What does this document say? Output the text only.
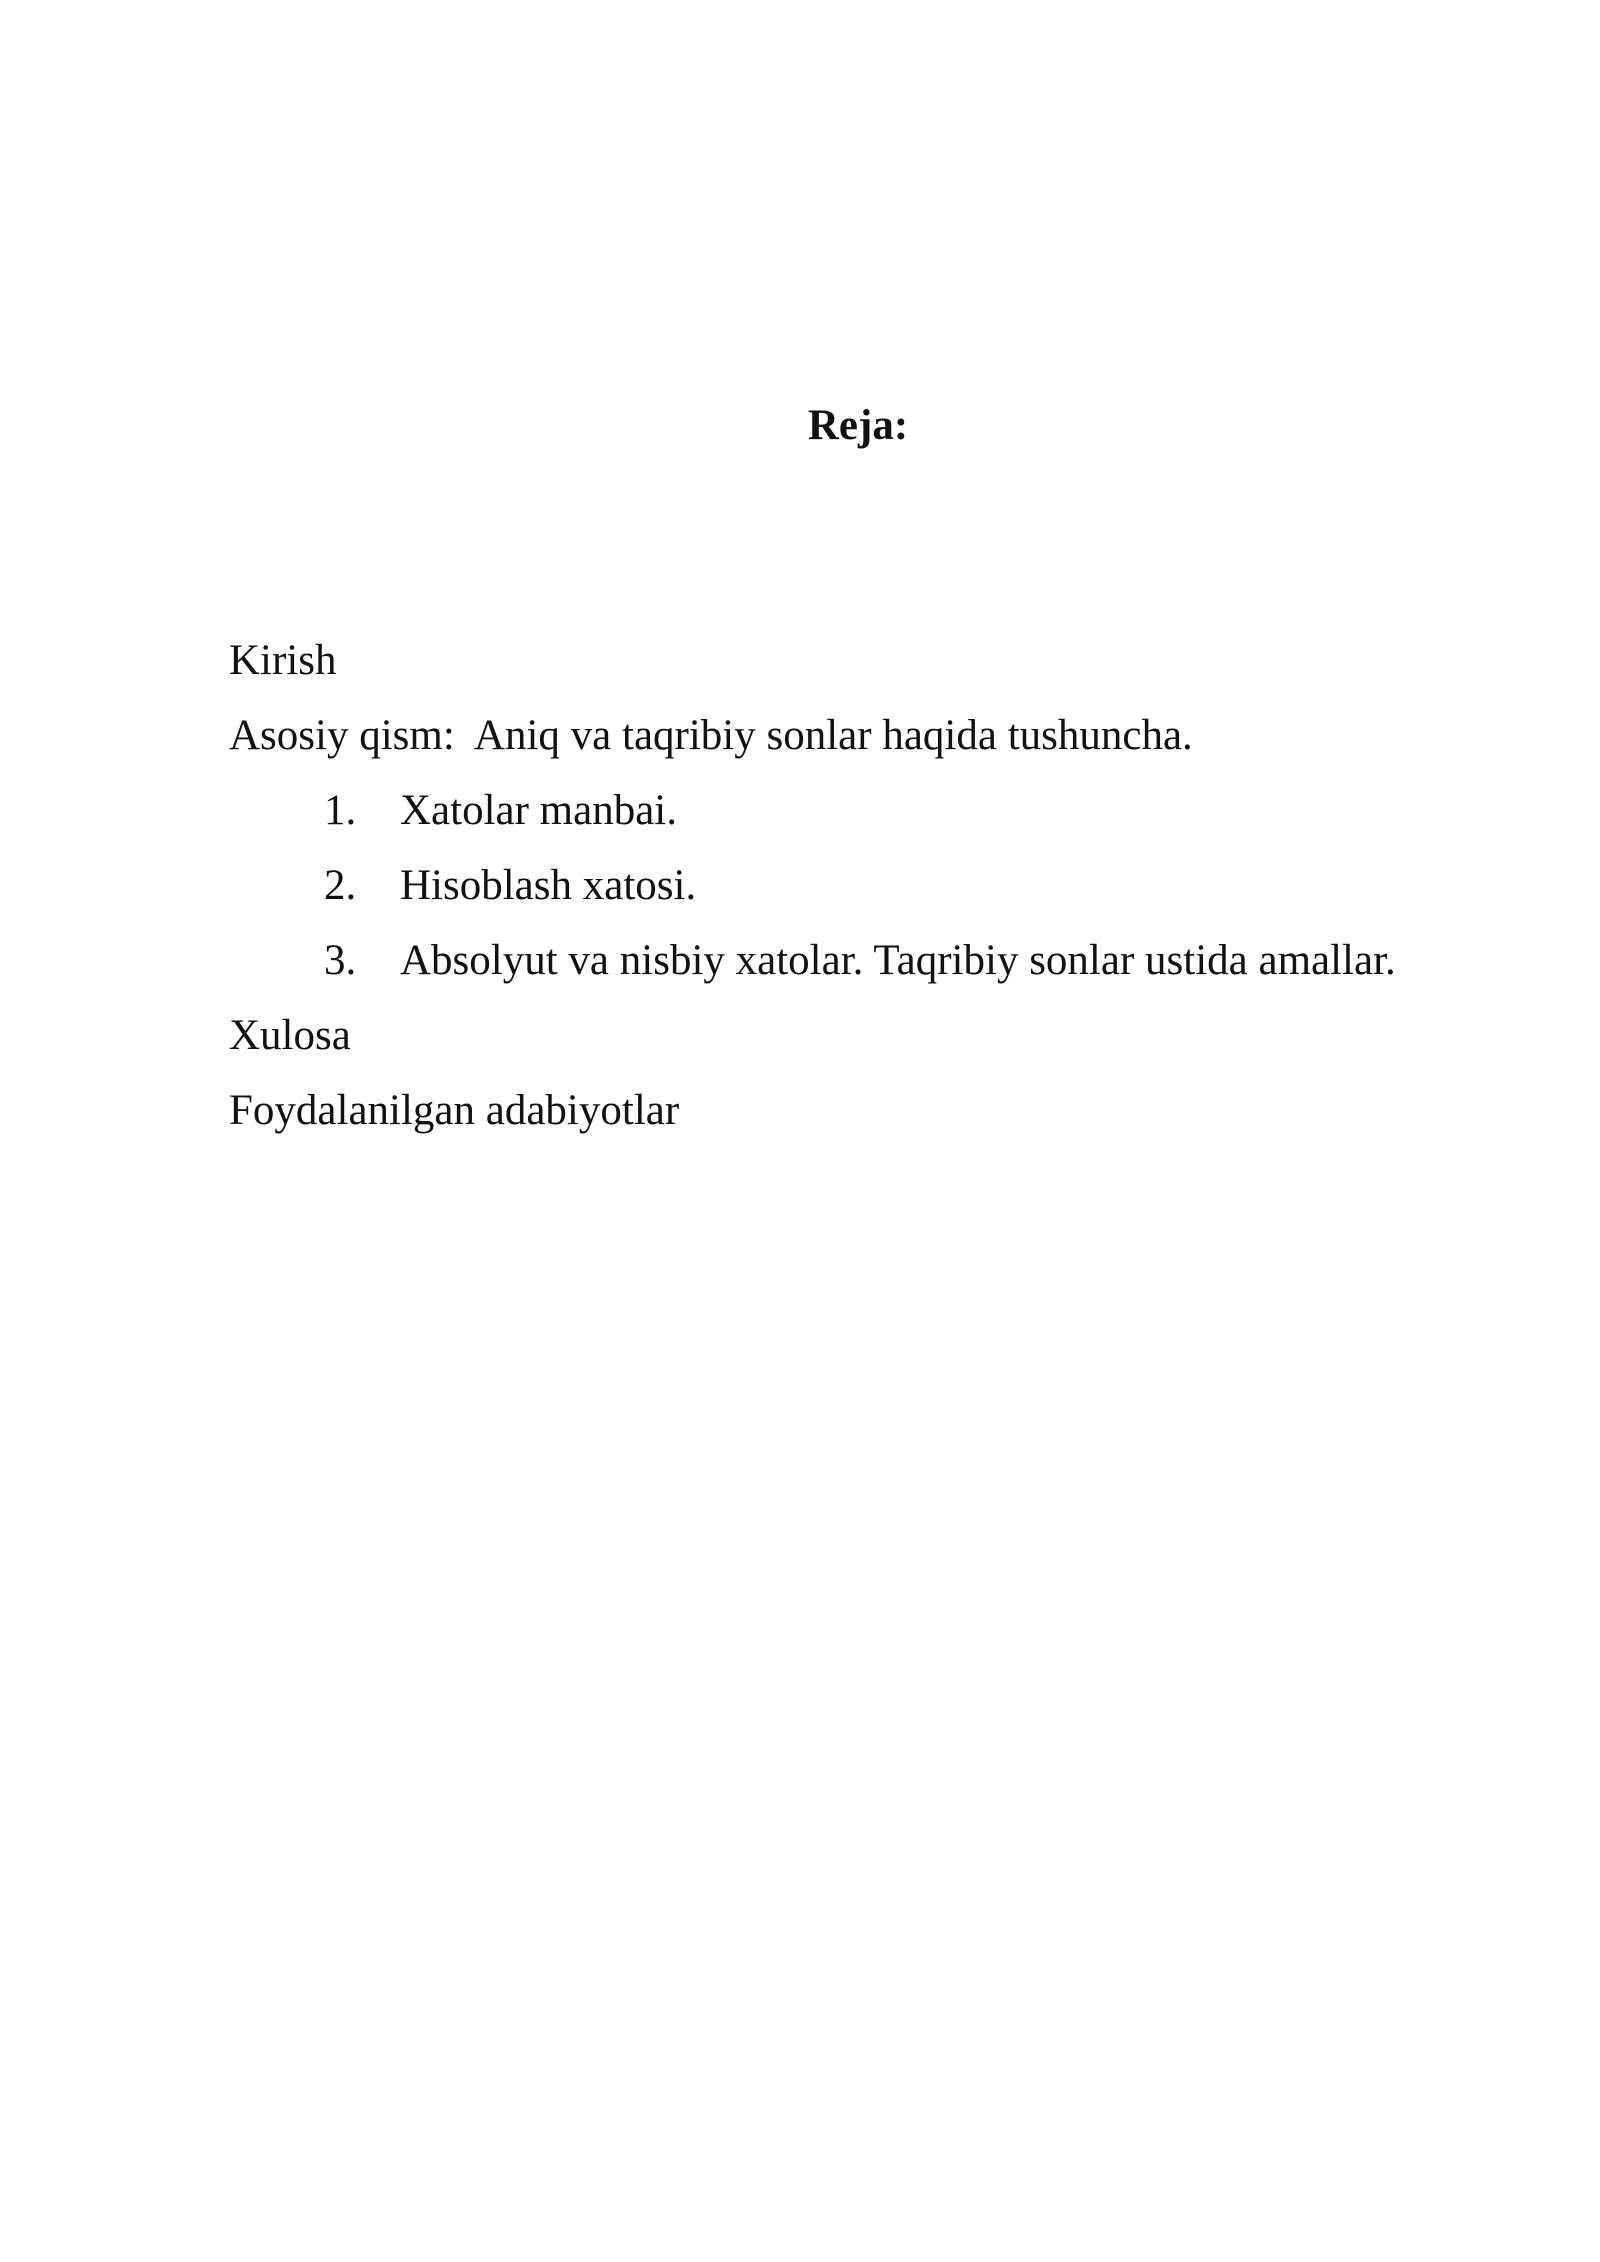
Reja:
Kirish
Asosiy qism:  Aniq va taqribiy sonlar haqida tushuncha.
1.	Xatolar manbai.
2.	Hisoblash xatosi.
3.	Absolyut va nisbiy xatolar. Taqribiy sonlar ustida amallar.
Xulosa
Foydalanilgan adabiyotlar
